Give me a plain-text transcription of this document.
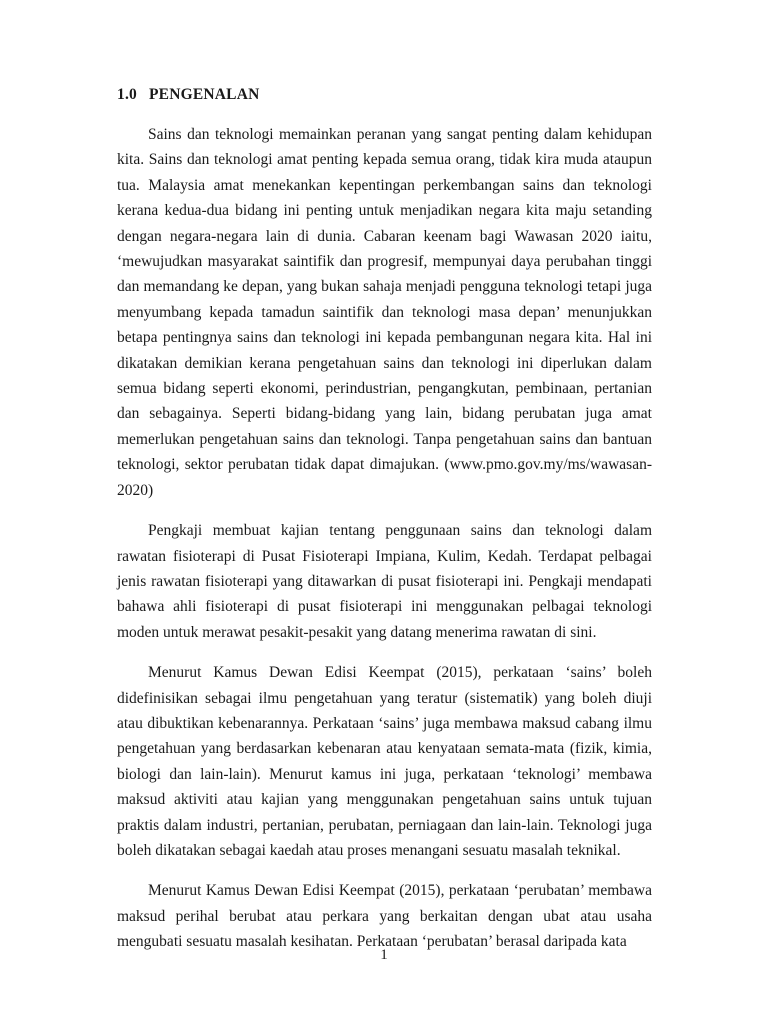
1.0 PENGENALAN

Sains dan teknologi memainkan peranan yang sangat penting dalam kehidupan kita. Sains dan teknologi amat penting kepada semua orang, tidak kira muda ataupun tua. Malaysia amat menekankan kepentingan perkembangan sains dan teknologi kerana kedua-dua bidang ini penting untuk menjadikan negara kita maju setanding dengan negara-negara lain di dunia. Cabaran keenam bagi Wawasan 2020 iaitu, ‘mewujudkan masyarakat saintifik dan progresif, mempunyai daya perubahan tinggi dan memandang ke depan, yang bukan sahaja menjadi pengguna teknologi tetapi juga menyumbang kepada tamadun saintifik dan teknologi masa depan’ menunjukkan betapa pentingnya sains dan teknologi ini kepada pembangunan negara kita. Hal ini dikatakan demikian kerana pengetahuan sains dan teknologi ini diperlukan dalam semua bidang seperti ekonomi, perindustrian, pengangkutan, pembinaan, pertanian dan sebagainya. Seperti bidang-bidang yang lain, bidang perubatan juga amat memerlukan pengetahuan sains dan teknologi. Tanpa pengetahuan sains dan bantuan teknologi, sektor perubatan tidak dapat dimajukan. (www.pmo.gov.my/ms/wawasan-2020)

Pengkaji membuat kajian tentang penggunaan sains dan teknologi dalam rawatan fisioterapi di Pusat Fisioterapi Impiana, Kulim, Kedah. Terdapat pelbagai jenis rawatan fisioterapi yang ditawarkan di pusat fisioterapi ini. Pengkaji mendapati bahawa ahli fisioterapi di pusat fisioterapi ini menggunakan pelbagai teknologi moden untuk merawat pesakit-pesakit yang datang menerima rawatan di sini.

Menurut Kamus Dewan Edisi Keempat (2015), perkataan ‘sains’ boleh didefinisikan sebagai ilmu pengetahuan yang teratur (sistematik) yang boleh diuji atau dibuktikan kebenarannya. Perkataan ‘sains’ juga membawa maksud cabang ilmu pengetahuan yang berdasarkan kebenaran atau kenyataan semata-mata (fizik, kimia, biologi dan lain-lain). Menurut kamus ini juga, perkataan ‘teknologi’ membawa maksud aktiviti atau kajian yang menggunakan pengetahuan sains untuk tujuan praktis dalam industri, pertanian, perubatan, perniagaan dan lain-lain. Teknologi juga boleh dikatakan sebagai kaedah atau proses menangani sesuatu masalah teknikal.

Menurut Kamus Dewan Edisi Keempat (2015), perkataan ‘perubatan’ membawa maksud perihal berubat atau perkara yang berkaitan dengan ubat atau usaha mengubati sesuatu masalah kesihatan. Perkataan ‘perubatan’ berasal daripada kata

1
